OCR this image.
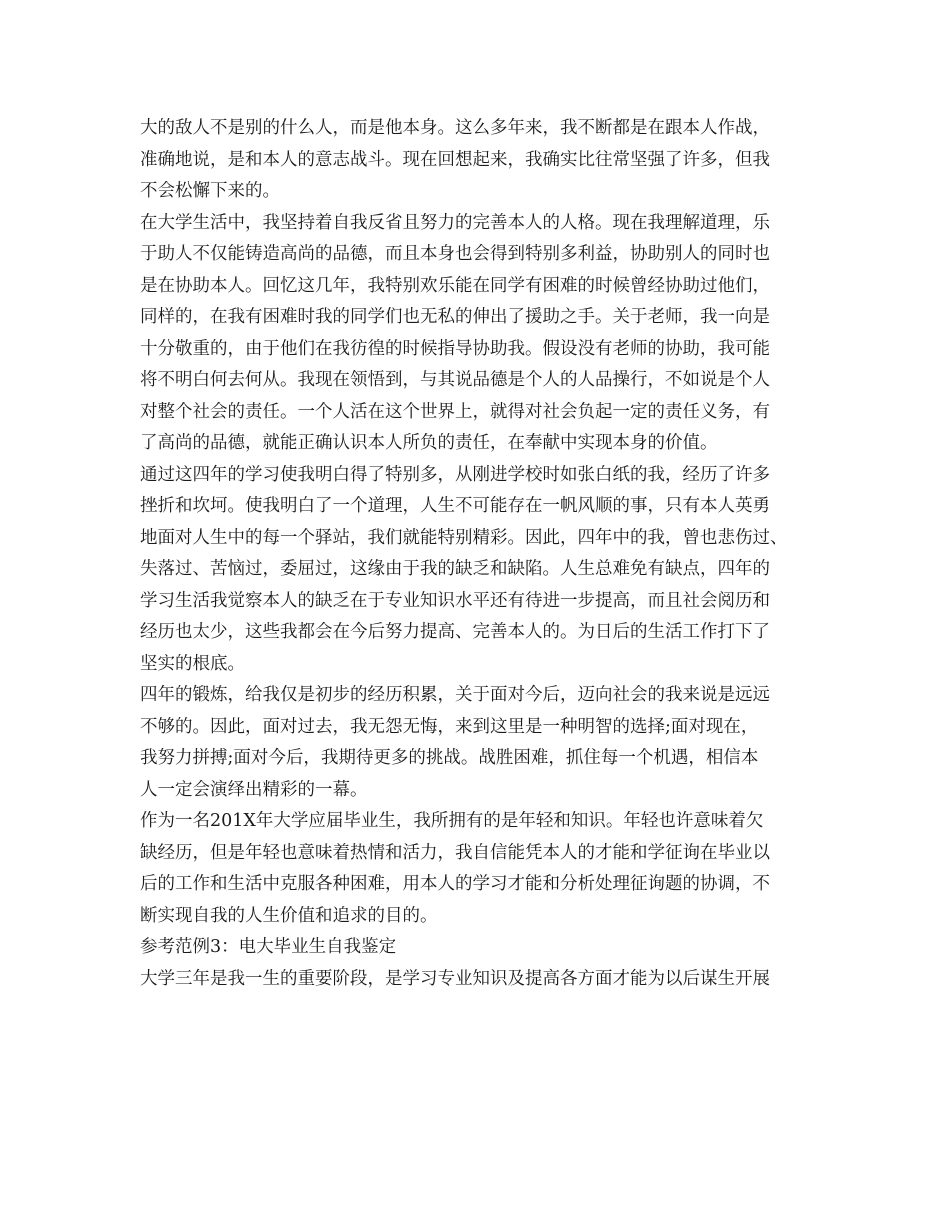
大的敌人不是别的什么人，而是他本身。这么多年来，我不断都是在跟本人作战，
准确地说，是和本人的意志战斗。现在回想起来，我确实比往常坚强了许多，但我
不会松懈下来的。
在大学生活中，我坚持着自我反省且努力的完善本人的人格。现在我理解道理，乐
于助人不仅能铸造高尚的品德，而且本身也会得到特别多利益，协助别人的同时也
是在协助本人。回忆这几年，我特别欢乐能在同学有困难的时候曾经协助过他们，
同样的，在我有困难时我的同学们也无私的伸出了援助之手。关于老师，我一向是
十分敬重的，由于他们在我彷徨的时候指导协助我。假设没有老师的协助，我可能
将不明白何去何从。我现在领悟到，与其说品德是个人的人品操行，不如说是个人
对整个社会的责任。一个人活在这个世界上，就得对社会负起一定的责任义务，有
了高尚的品德，就能正确认识本人所负的责任，在奉献中实现本身的价值。
通过这四年的学习使我明白得了特别多，从刚进学校时如张白纸的我，经历了许多
挫折和坎坷。使我明白了一个道理，人生不可能存在一帆风顺的事，只有本人英勇
地面对人生中的每一个驿站，我们就能特别精彩。因此，四年中的我，曾也悲伤过、
失落过、苦恼过，委屈过，这缘由于我的缺乏和缺陷。人生总难免有缺点，四年的
学习生活我觉察本人的缺乏在于专业知识水平还有待进一步提高，而且社会阅历和
经历也太少，这些我都会在今后努力提高、完善本人的。为日后的生活工作打下了
坚实的根底。
四年的锻炼，给我仅是初步的经历积累，关于面对今后，迈向社会的我来说是远远
不够的。因此，面对过去，我无怨无悔，来到这里是一种明智的选择;面对现在，
我努力拼搏;面对今后，我期待更多的挑战。战胜困难，抓住每一个机遇，相信本
人一定会演绎出精彩的一幕。
作为一名201X年大学应届毕业生，我所拥有的是年轻和知识。年轻也许意味着欠
缺经历，但是年轻也意味着热情和活力，我自信能凭本人的才能和学征询在毕业以
后的工作和生活中克服各种困难，用本人的学习才能和分析处理征询题的协调，不
断实现自我的人生价值和追求的目的。
参考范例3：电大毕业生自我鉴定
大学三年是我一生的重要阶段，是学习专业知识及提高各方面才能为以后谋生开展
